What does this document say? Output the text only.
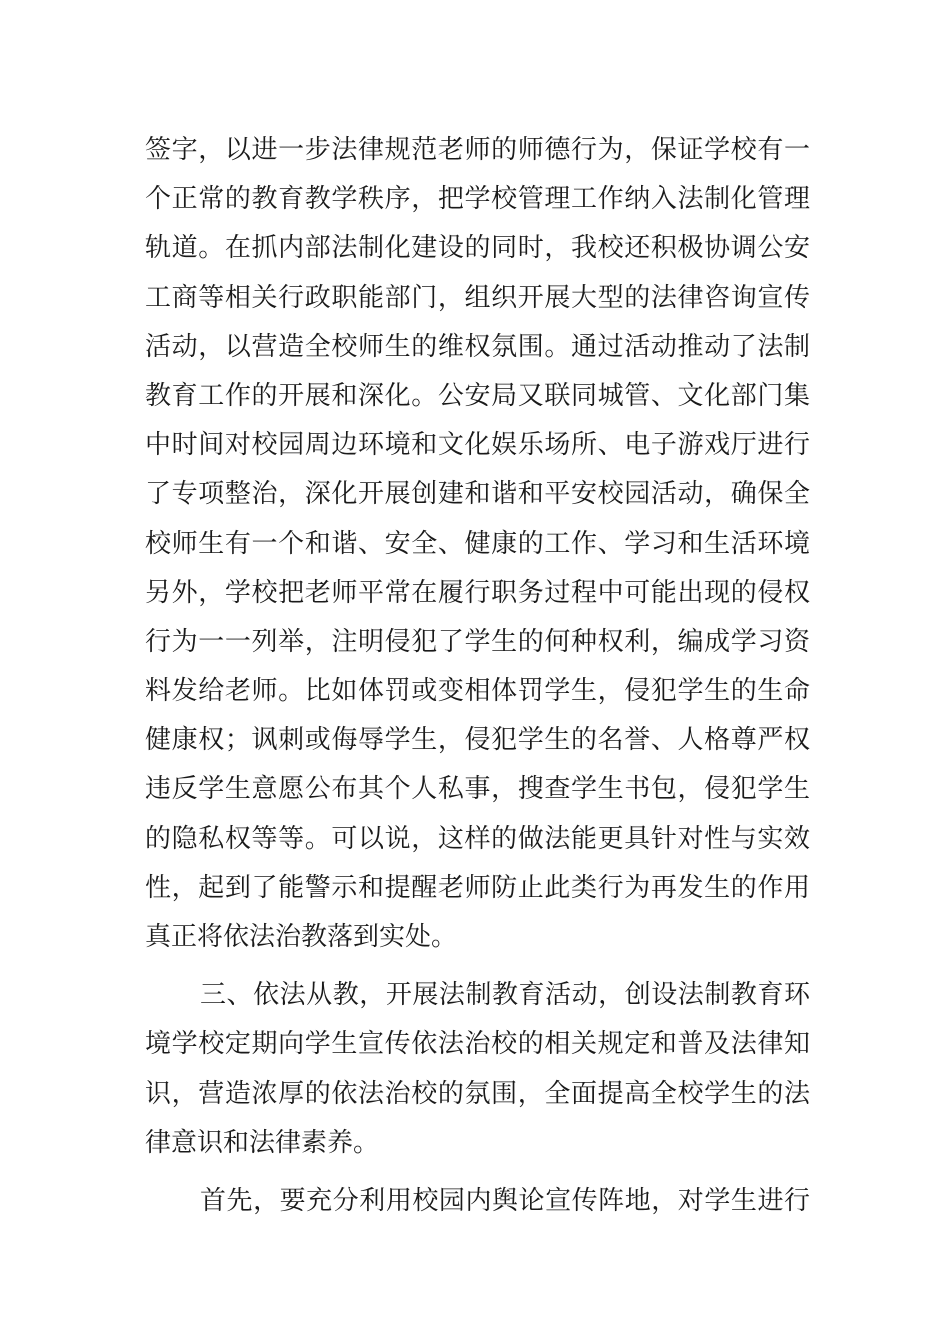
签字，以进一步法律规范老师的师德行为，保证学校有一
个正常的教育教学秩序，把学校管理工作纳入法制化管理
轨道。在抓内部法制化建设的同时，我校还积极协调公安
工商等相关行政职能部门，组织开展大型的法律咨询宣传
活动，以营造全校师生的维权氛围。通过活动推动了法制
教育工作的开展和深化。公安局又联同城管、文化部门集
中时间对校园周边环境和文化娱乐场所、电子游戏厅进行
了专项整治，深化开展创建和谐和平安校园活动，确保全
校师生有一个和谐、安全、健康的工作、学习和生活环境
另外，学校把老师平常在履行职务过程中可能出现的侵权
行为一一列举，注明侵犯了学生的何种权利，编成学习资
料发给老师。比如体罚或变相体罚学生，侵犯学生的生命
健康权；讽刺或侮辱学生，侵犯学生的名誉、人格尊严权
违反学生意愿公布其个人私事，搜查学生书包，侵犯学生
的隐私权等等。可以说，这样的做法能更具针对性与实效
性，起到了能警示和提醒老师防止此类行为再发生的作用
真正将依法治教落到实处。
三、依法从教，开展法制教育活动，创设法制教育环
境学校定期向学生宣传依法治校的相关规定和普及法律知
识，营造浓厚的依法治校的氛围，全面提高全校学生的法
律意识和法律素养。
首先，要充分利用校园内舆论宣传阵地，对学生进行
